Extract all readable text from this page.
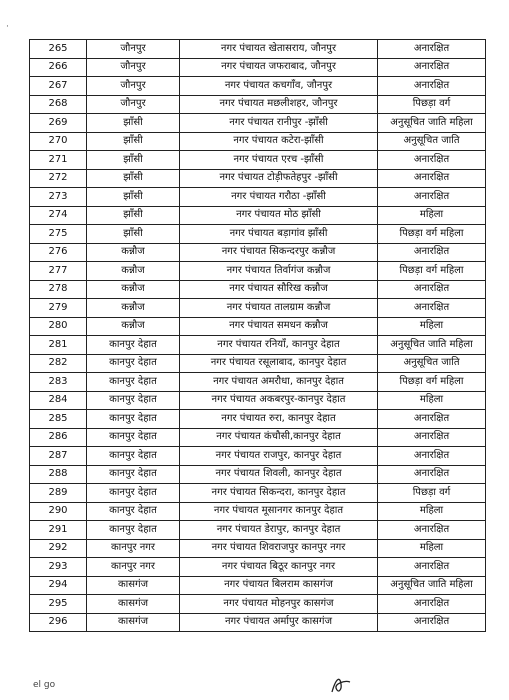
·
265	जौनपुर	नगर पंचायत खेतासराय, जौनपुर	अनारक्षित
266	जौनपुर	नगर पंचायत जफराबाद, जौनपुर	अनारक्षित
267	जौनपुर	नगर पंचायत कचगाँव, जौनपुर	अनारक्षित
268	जौनपुर	नगर पंचायत मछलीशहर, जौनपुर	पिछड़ा वर्ग
269	झाँसी	नगर पंचायत रानीपुर -झाँसी	अनुसूचित जाति महिला
270	झाँसी	नगर पंचायत कटेरा-झाँसी	अनुसूचित जाति
271	झाँसी	नगर पंचायत एरच -झाँसी	अनारक्षित
272	झाँसी	नगर पंचायत टोड़ीफतेहपुर -झाँसी	अनारक्षित
273	झाँसी	नगर पंचायत गरौठा -झाँसी	अनारक्षित
274	झाँसी	नगर पंचायत मोठ झाँसी	महिला
275	झाँसी	नगर पंचायत बड़ागांव झाँसी	पिछड़ा वर्ग महिला
276	कन्नौज	नगर पंचायत सिकन्दरपुर कन्नौज	अनारक्षित
277	कन्नौज	नगर पंचायत तिर्वागंज कन्नौज	पिछड़ा वर्ग महिला
278	कन्नौज	नगर पंचायत सौरिख कन्नौज	अनारक्षित
279	कन्नौज	नगर पंचायत तालग्राम कन्नौज	अनारक्षित
280	कन्नौज	नगर पंचायत समधन कन्नौज	महिला
281	कानपुर देहात	नगर पंचायत रनियाँ, कानपुर देहात	अनुसूचित जाति महिला
282	कानपुर देहात	नगर पंचायत रसूलाबाद, कानपुर देहात	अनुसूचित जाति
283	कानपुर देहात	नगर पंचायत अमरौधा, कानपुर देहात	पिछड़ा वर्ग महिला
284	कानपुर देहात	नगर पंचायत अकबरपुर-कानपुर देहात	महिला
285	कानपुर देहात	नगर पंचायत रुरा, कानपुर देहात	अनारक्षित
286	कानपुर देहात	नगर पंचायत कंचौसी,कानपुर देहात	अनारक्षित
287	कानपुर देहात	नगर पंचायत राजपुर, कानपुर देहात	अनारक्षित
288	कानपुर देहात	नगर पंचायत शिवली, कानपुर देहात	अनारक्षित
289	कानपुर देहात	नगर पंचायत सिकन्दरा, कानपुर देहात	पिछड़ा वर्ग
290	कानपुर देहात	नगर पंचायत मूसानगर कानपुर देहात	महिला
291	कानपुर देहात	नगर पंचायत डेरापुर, कानपुर देहात	अनारक्षित
292	कानपुर नगर	नगर पंचायत शिवराजपुर कानपुर नगर	महिला
293	कानपुर नगर	नगर पंचायत बिठूर कानपुर नगर	अनारक्षित
294	कासगंज	नगर पंचायत बिलराम कासगंज	अनुसूचित जाति महिला
295	कासगंज	नगर पंचायत मोहनपुर कासगंज	अनारक्षित
296	कासगंज	नगर पंचायत अर्मापुर कासगंज	अनारक्षित
el go
